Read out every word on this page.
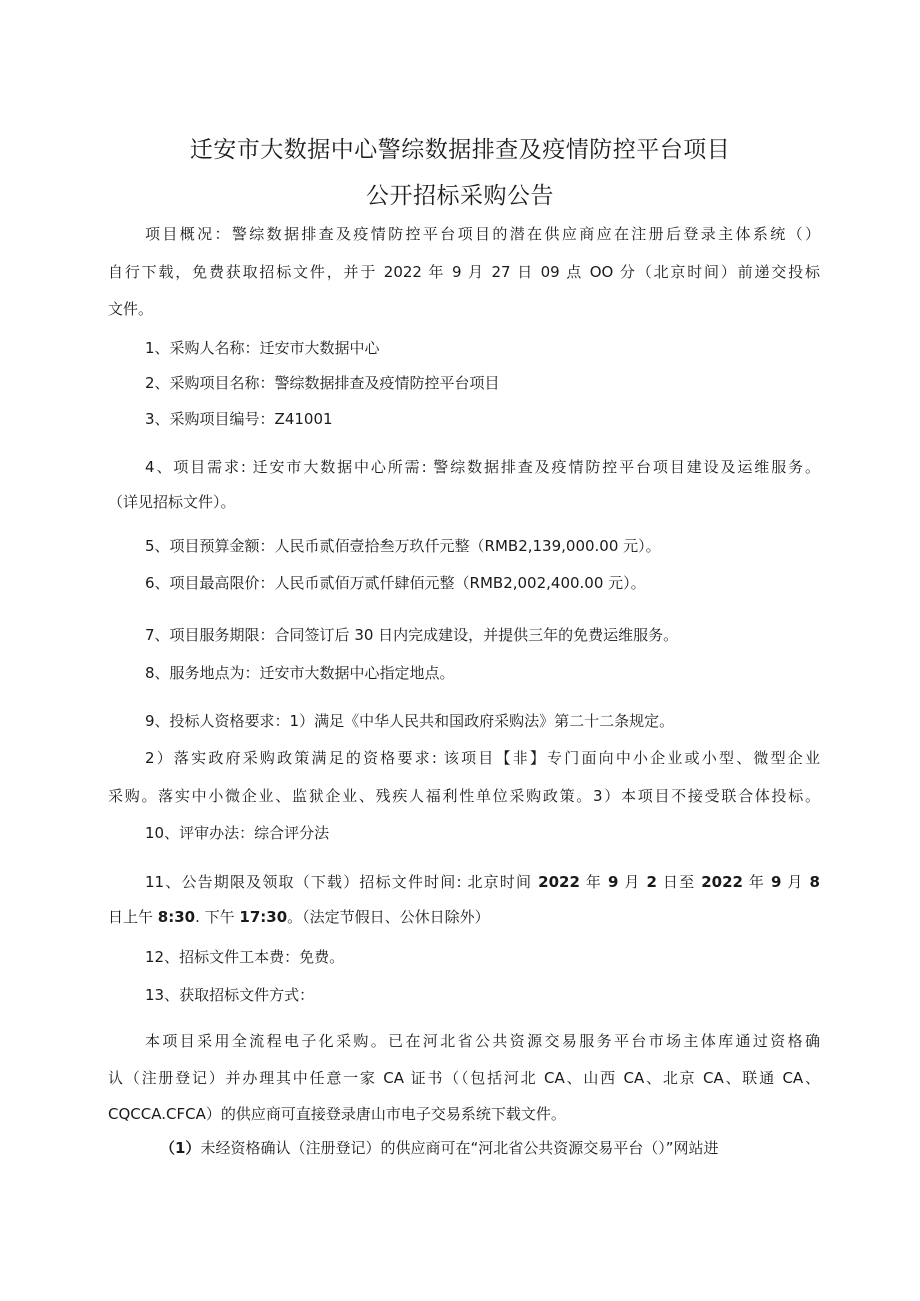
迁安市大数据中心警综数据排查及疫情防控平台项目
公开招标采购公告
项目概况：警综数据排查及疫情防控平台项目的潜在供应商应在注册后登录主体系统（）
自行下载，免费获取招标文件，并于 2022 年 9 月 27 日 09 点 OO 分（北京时间）前递交投标
文件。
1、采购人名称：迁安市大数据中心
2、采购项目名称：警综数据排查及疫情防控平台项目
3、采购项目编号：Z41001
4、项目需求: 迁安市大数据中心所需: 警综数据排查及疫情防控平台项目建设及运维服务。
（详见招标文件）。
5、项目预算金额：人民币贰佰壹拾叁万玖仟元整（RMB2,139,000.00 元）。
6、项目最高限价：人民币贰佰万贰仟肆佰元整（RMB2,002,400.00 元）。
7、项目服务期限：合同签订后 30 日内完成建设，并提供三年的免费运维服务。
8、服务地点为：迁安市大数据中心指定地点。
9、投标人资格要求：1）满足《中华人民共和国政府采购法》第二十二条规定。
2）落实政府采购政策满足的资格要求: 该项目【非】专门面向中小企业或小型、微型企业
采购。落实中小微企业、监狱企业、残疾人福利性单位采购政策。3）本项目不接受联合体投标。
10、评审办法：综合评分法
11、公告期限及领取（下载）招标文件时间: 北京时间 2022 年 9 月 2 日至 2022 年 9 月 8
日上午 8:30. 下午 17:30。（法定节假日、公休日除外）
12、招标文件工本费：免费。
13、获取招标文件方式：
本项目采用全流程电子化采购。已在河北省公共资源交易服务平台市场主体库通过资格确
认（注册登记）并办理其中任意一家 CA 证书（（包括河北 CA、山西 CA、北京 CA、联通 CA、
CQCCA.CFCA）的供应商可直接登录唐山市电子交易系统下载文件。
（1）未经资格确认（注册登记）的供应商可在“河北省公共资源交易平台（）”网站进
